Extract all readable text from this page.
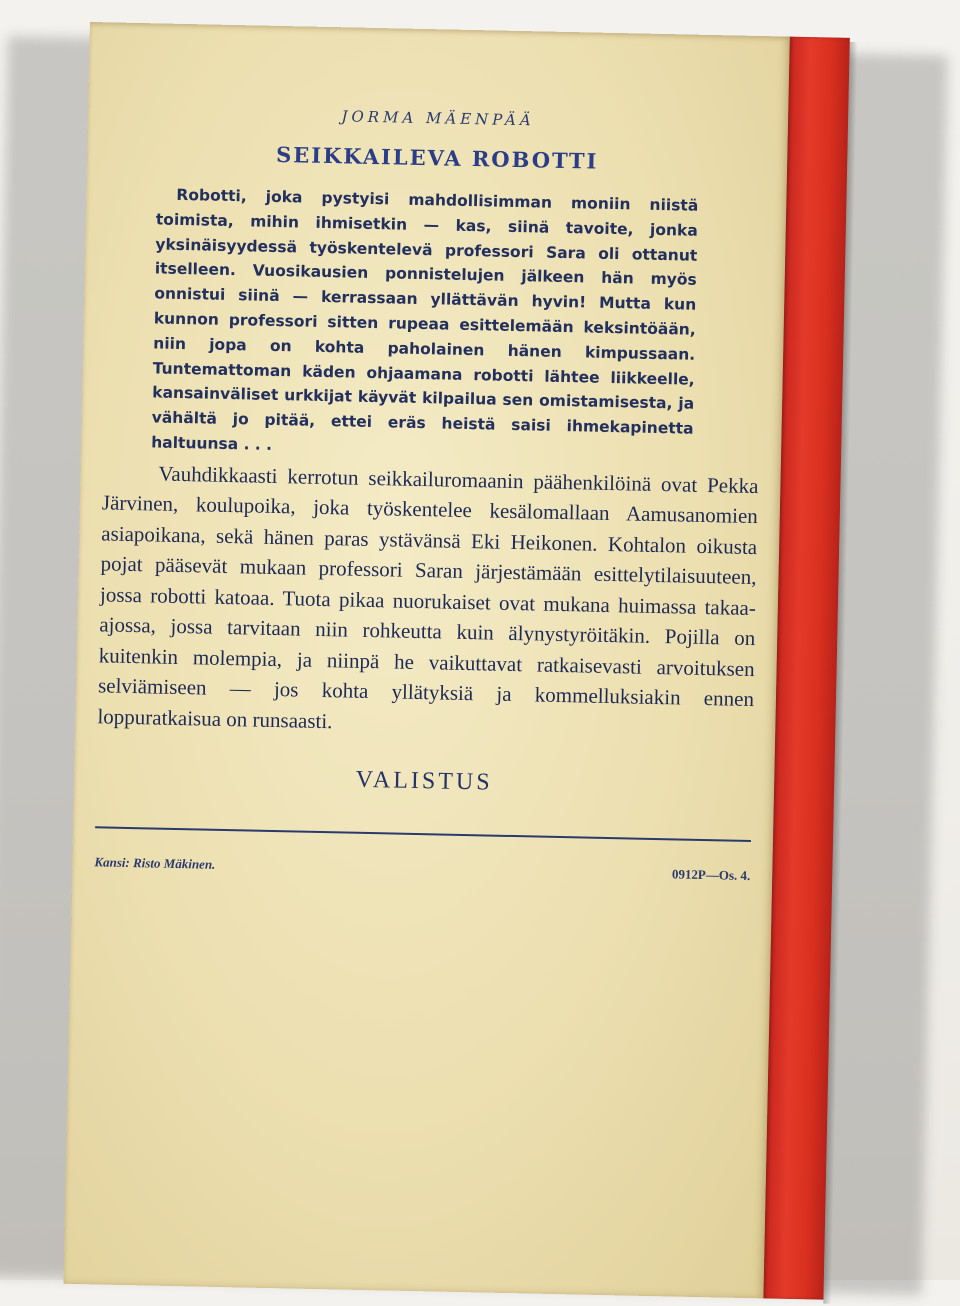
JORMA MÄENPÄÄ

SEIKKAILEVA ROBOTTI

Robotti, joka pystyisi mahdollisimman moniin niistä toimista, mihin ihmisetkin — kas, siinä tavoite, jonka yksinäisyydessä työskentelevä professori Sara oli ottanut itselleen. Vuosikausien ponnistelujen jälkeen hän myös onnistui siinä — kerrassaan yllättävän hyvin! Mutta kun kunnon professori sitten rupeaa esittelemään keksintöään, niin jopa on kohta paholainen hänen kimpussaan. Tuntemattoman käden ohjaamana robotti lähtee liikkeelle, kansainväliset urkkijat käyvät kilpailua sen omistamisesta, ja vähältä jo pitää, ettei eräs heistä saisi ihmekapinetta haltuunsa . . .

Vauhdikkaasti kerrotun seikkailuromaanin päähenkilöinä ovat Pekka Järvinen, koulupoika, joka työskentelee kesälomallaan Aamusanomien asiapoikana, sekä hänen paras ystävänsä Eki Heikonen. Kohtalon oikusta pojat pääsevät mukaan professori Saran järjestämään esittelytilaisuuteen, jossa robotti katoaa. Tuota pikaa nuorukaiset ovat mukana huimassa takaa-ajossa, jossa tarvitaan niin rohkeutta kuin älynystyröitäkin. Pojilla on kuitenkin molempia, ja niinpä he vaikuttavat ratkaisevasti arvoituksen selviämiseen — jos kohta yllätyksiä ja kommelluksiakin ennen loppuratkaisua on runsaasti.

VALISTUS

Kansi: Risto Mäkinen.
0912P—Os. 4.
